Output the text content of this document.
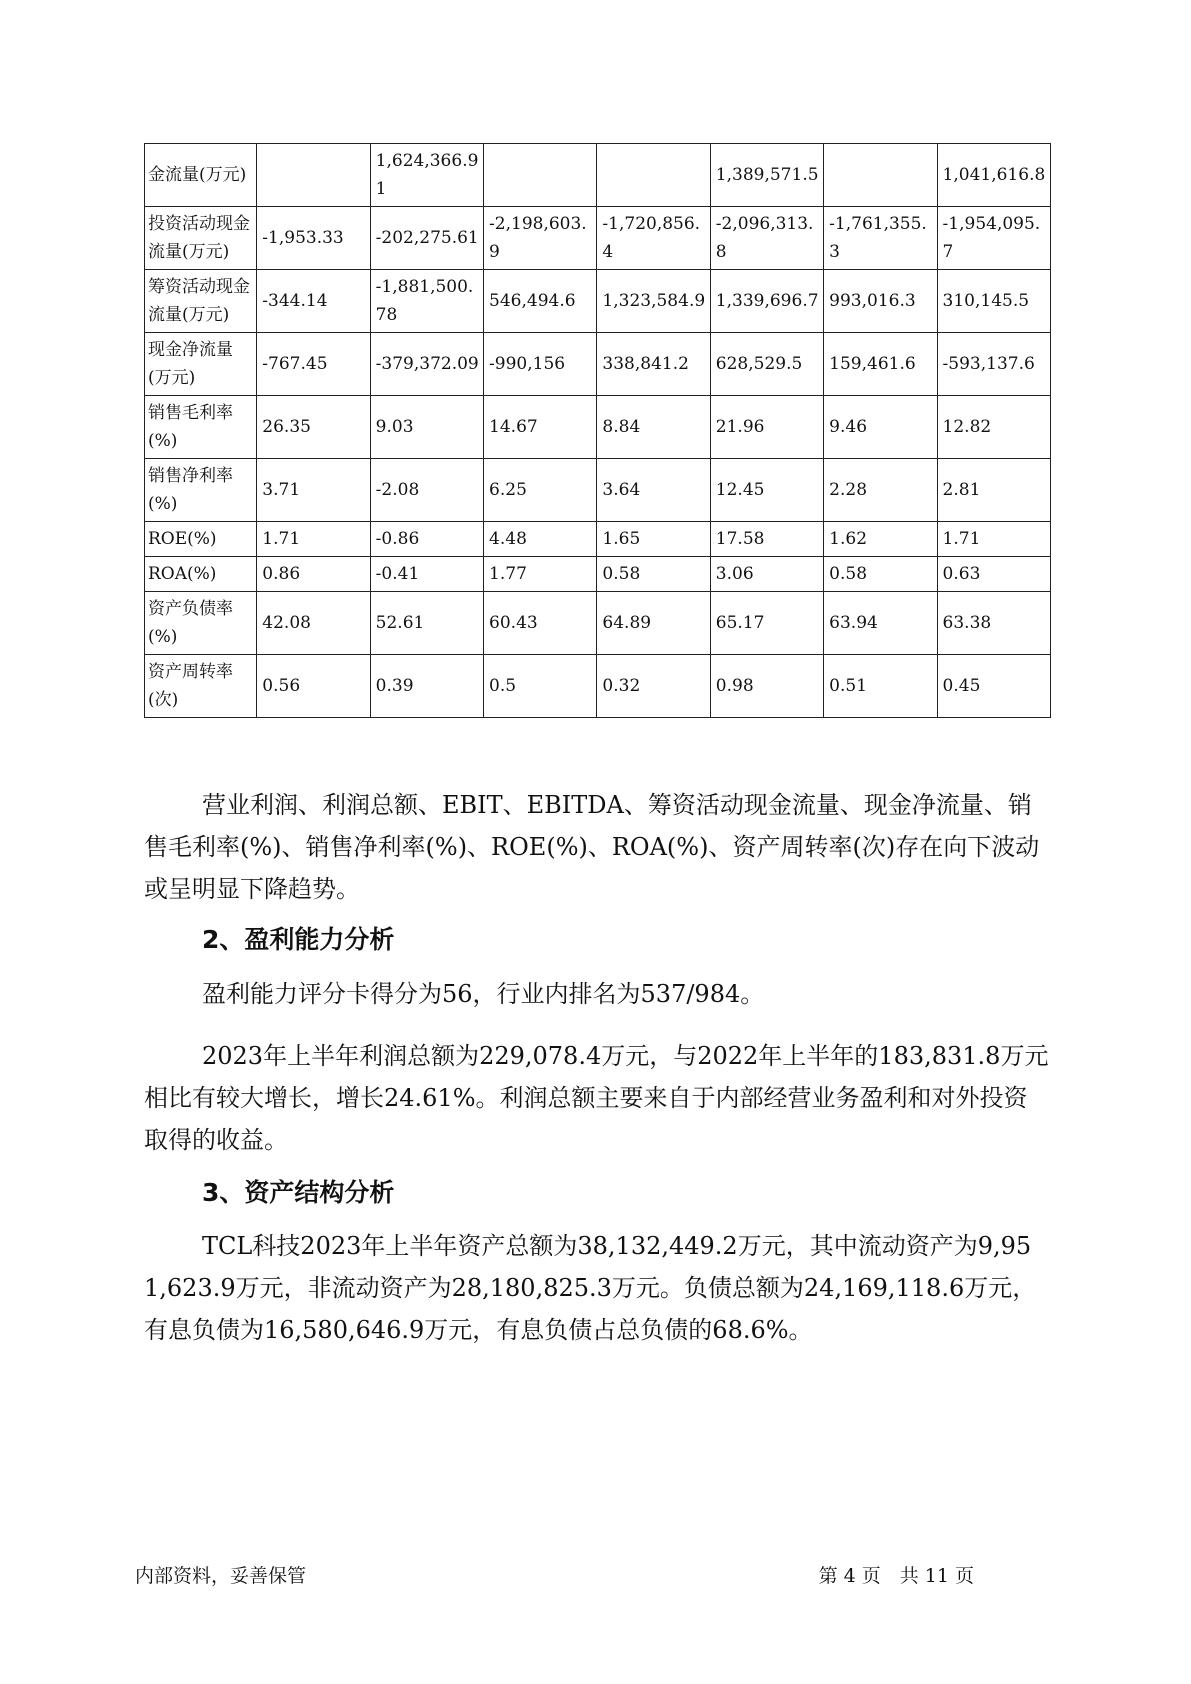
金流量(万元)		1,624,366.91			1,389,571.5		1,041,616.8
投资活动现金流量(万元)	-1,953.33	-202,275.61	-2,198,603.9	-1,720,856.4	-2,096,313.8	-1,761,355.3	-1,954,095.7
筹资活动现金流量(万元)	-344.14	-1,881,500.78	546,494.6	1,323,584.9	1,339,696.7	993,016.3	310,145.5
现金净流量(万元)	-767.45	-379,372.09	-990,156	338,841.2	628,529.5	159,461.6	-593,137.6
销售毛利率(%)	26.35	9.03	14.67	8.84	21.96	9.46	12.82
销售净利率(%)	3.71	-2.08	6.25	3.64	12.45	2.28	2.81
ROE(%)	1.71	-0.86	4.48	1.65	17.58	1.62	1.71
ROA(%)	0.86	-0.41	1.77	0.58	3.06	0.58	0.63
资产负债率(%)	42.08	52.61	60.43	64.89	65.17	63.94	63.38
资产周转率(次)	0.56	0.39	0.5	0.32	0.98	0.51	0.45

营业利润、利润总额、EBIT、EBITDA、筹资活动现金流量、现金净流量、销售毛利率(%)、销售净利率(%)、ROE(%)、ROA(%)、资产周转率(次)存在向下波动或呈明显下降趋势。

2、盈利能力分析

盈利能力评分卡得分为56，行业内排名为537/984。

2023年上半年利润总额为229,078.4万元，与2022年上半年的183,831.8万元相比有较大增长，增长24.61%。利润总额主要来自于内部经营业务盈利和对外投资取得的收益。

3、资产结构分析

TCL科技2023年上半年资产总额为38,132,449.2万元，其中流动资产为9,951,623.9万元，非流动资产为28,180,825.3万元。负债总额为24,169,118.6万元，有息负债为16,580,646.9万元，有息负债占总负债的68.6%。

内部资料，妥善保管	第 4 页　共 11 页
